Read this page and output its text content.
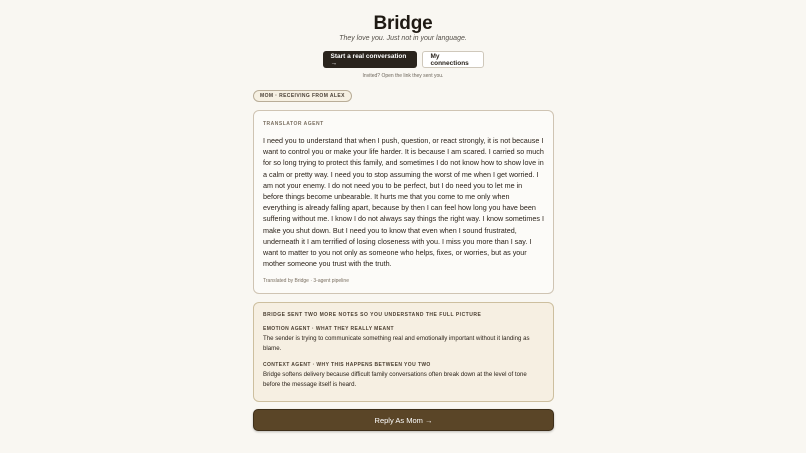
Bridge
They love you. Just not in your language.
Start a real conversation →
My connections
Invited? Open the link they sent you.
MOM · RECEIVING FROM ALEX
TRANSLATOR AGENT
I need you to understand that when I push, question, or react strongly, it is not because I want to control you or make your life harder. It is because I am scared. I carried so much for so long trying to protect this family, and sometimes I do not know how to show love in a calm or pretty way. I need you to stop assuming the worst of me when I get worried. I am not your enemy. I do not need you to be perfect, but I do need you to let me in before things become unbearable. It hurts me that you come to me only when everything is already falling apart, because by then I can feel how long you have been suffering without me. I know I do not always say things the right way. I know sometimes I make you shut down. But I need you to know that even when I sound frustrated, underneath it I am terrified of losing closeness with you. I miss you more than I say. I want to matter to you not only as someone who helps, fixes, or worries, but as your mother someone you trust with the truth.
Translated by Bridge · 3-agent pipeline
BRIDGE SENT TWO MORE NOTES SO YOU UNDERSTAND THE FULL PICTURE
EMOTION AGENT · WHAT THEY REALLY MEANT
The sender is trying to communicate something real and emotionally important without it landing as blame.
CONTEXT AGENT · WHY THIS HAPPENS BETWEEN YOU TWO
Bridge softens delivery because difficult family conversations often break down at the level of tone before the message itself is heard.
Reply As Mom →
